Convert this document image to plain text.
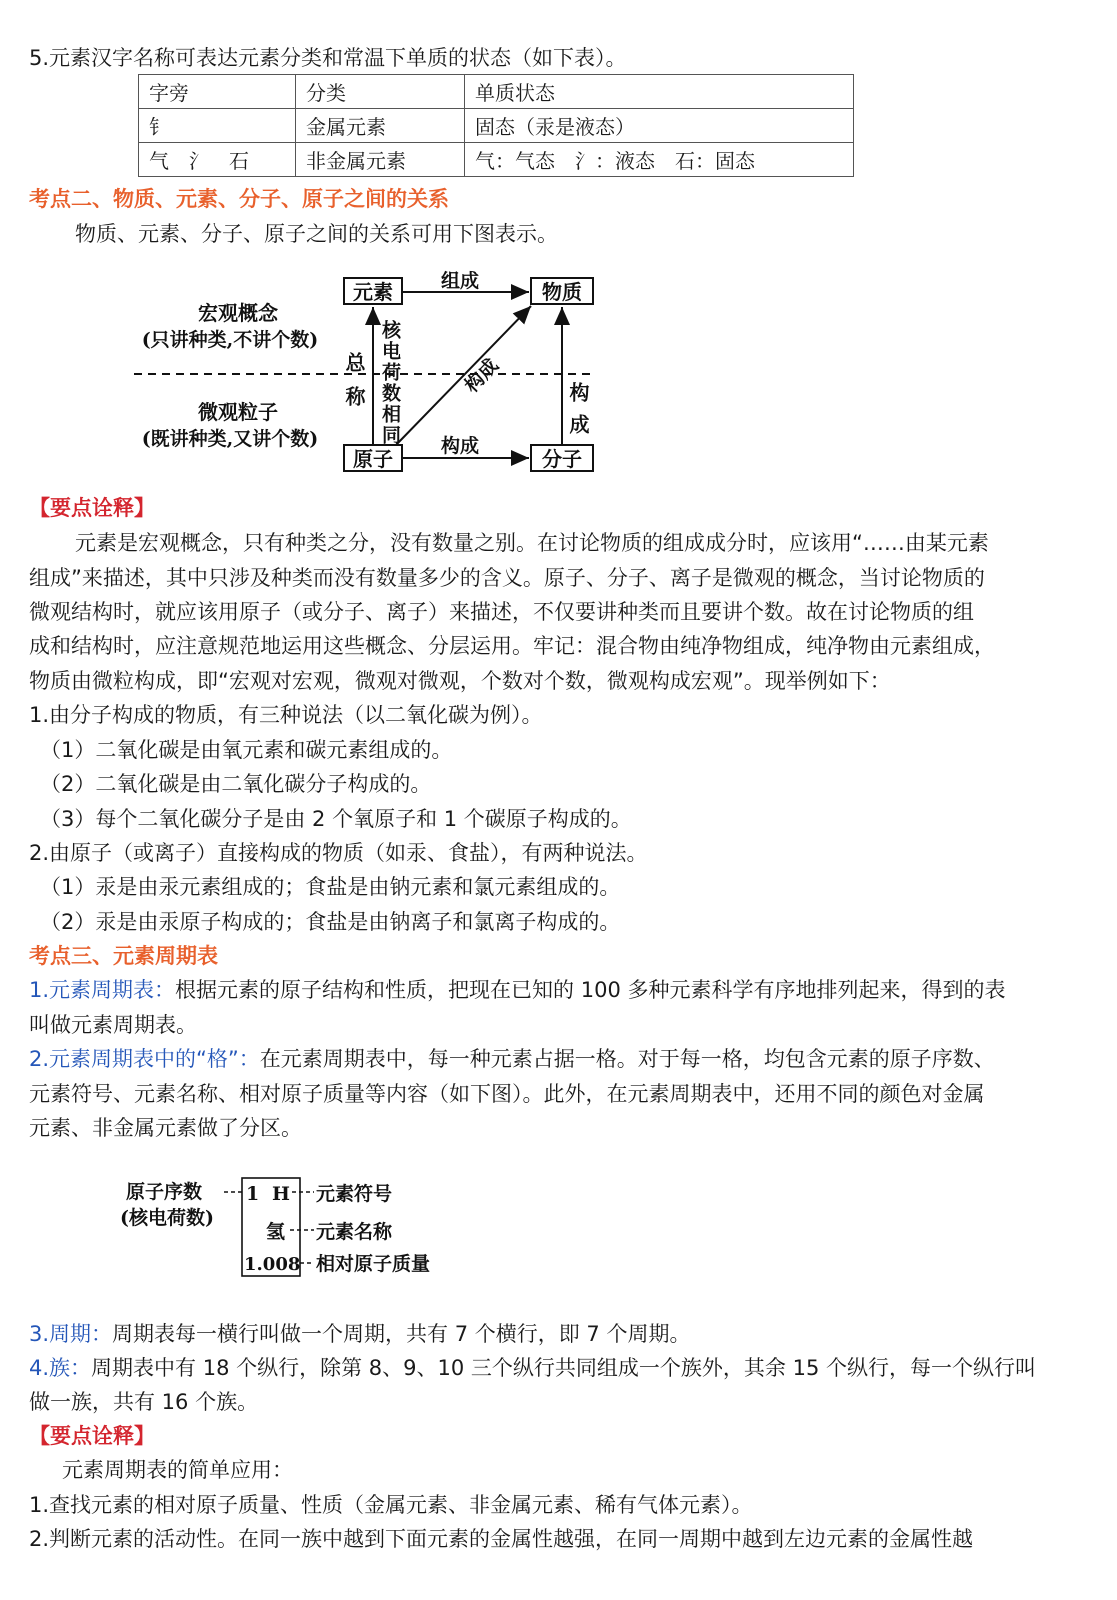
5.元素汉字名称可表达元素分类和常温下单质的状态（如下表）。
字旁	分类	单质状态
钅	金属元素	固态（汞是液态）
气　氵　石	非金属元素	气：气态　氵：液态　石：固态
考点二、物质、元素、分子、原子之间的关系
物质、元素、分子、原子之间的关系可用下图表示。
元素	物质
原子	分子
组成
构成
构成
构成
总称 核电荷数相同
宏观概念
(只讲种类,不讲个数)
微观粒子
(既讲种类,又讲个数)
【要点诠释】
元素是宏观概念，只有种类之分，没有数量之别。在讨论物质的组成成分时，应该用“……由某元素
组成”来描述，其中只涉及种类而没有数量多少的含义。原子、分子、离子是微观的概念，当讨论物质的
微观结构时，就应该用原子（或分子、离子）来描述，不仅要讲种类而且要讲个数。故在讨论物质的组
成和结构时，应注意规范地运用这些概念、分层运用。牢记：混合物由纯净物组成，纯净物由元素组成，
物质由微粒构成，即“宏观对宏观，微观对微观，个数对个数，微观构成宏观”。现举例如下：
1.由分子构成的物质，有三种说法（以二氧化碳为例）。
（1）二氧化碳是由氧元素和碳元素组成的。
（2）二氧化碳是由二氧化碳分子构成的。
（3）每个二氧化碳分子是由 2 个氧原子和 1 个碳原子构成的。
2.由原子（或离子）直接构成的物质（如汞、食盐），有两种说法。
（1）汞是由汞元素组成的；食盐是由钠元素和氯元素组成的。
（2）汞是由汞原子构成的；食盐是由钠离子和氯离子构成的。
考点三、元素周期表
1.元素周期表：根据元素的原子结构和性质，把现在已知的 100 多种元素科学有序地排列起来，得到的表
叫做元素周期表。
2.元素周期表中的“格”：在元素周期表中，每一种元素占据一格。对于每一格，均包含元素的原子序数、
元素符号、元素名称、相对原子质量等内容（如下图）。此外，在元素周期表中，还用不同的颜色对金属
元素、非金属元素做了分区。
原子序数
(核电荷数)
1 H
氢
1.008
元素符号
元素名称
相对原子质量
3.周期：周期表每一横行叫做一个周期，共有 7 个横行，即 7 个周期。
4.族：周期表中有 18 个纵行，除第 8、9、10 三个纵行共同组成一个族外，其余 15 个纵行，每一个纵行叫
做一族，共有 16 个族。
【要点诠释】
元素周期表的简单应用：
1.查找元素的相对原子质量、性质（金属元素、非金属元素、稀有气体元素）。
2.判断元素的活动性。在同一族中越到下面元素的金属性越强，在同一周期中越到左边元素的金属性越
